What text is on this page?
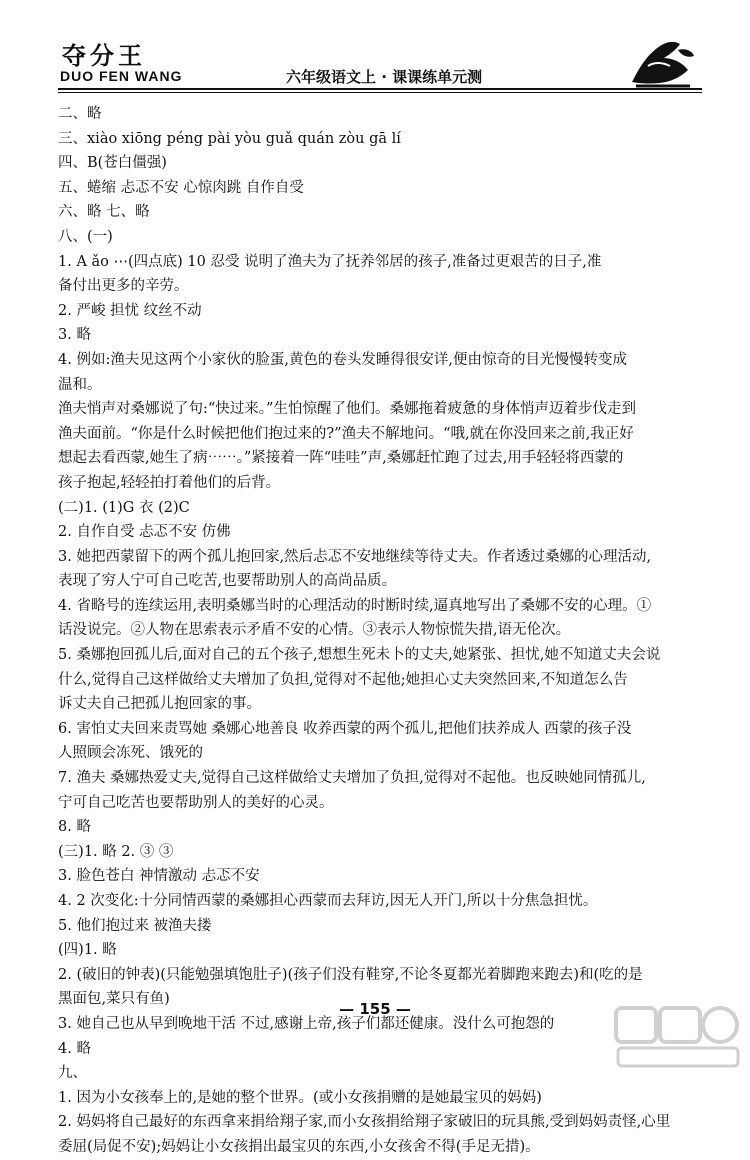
夺分王
DUO FEN WANG	六年级语文上 · 课课练单元测
二、略
三、xiào xiōng péng pài yòu guǎ quán zòu gā lí
四、B(苍白僵强)
五、蜷缩 忐忑不安 心惊肉跳 自作自受
六、略 七、略
八、(一)
1. A ǎo ⋯(四点底) 10 忍受 说明了渔夫为了抚养邻居的孩子,准备过更艰苦的日子,准
备付出更多的辛劳。
2. 严峻 担忧 纹丝不动
3. 略
4. 例如:渔夫见这两个小家伙的脸蛋,黄色的卷头发睡得很安详,便由惊奇的目光慢慢转变成
温和。
渔夫悄声对桑娜说了句:“快过来。”生怕惊醒了他们。桑娜拖着疲惫的身体悄声迈着步伐走到
渔夫面前。“你是什么时候把他们抱过来的?”渔夫不解地问。“哦,就在你没回来之前,我正好
想起去看西蒙,她生了病⋯⋯。”紧接着一阵“哇哇”声,桑娜赶忙跑了过去,用手轻轻将西蒙的
孩子抱起,轻轻拍打着他们的后背。
(二)1. (1)G 衣 (2)C
2. 自作自受 忐忑不安 仿佛
3. 她把西蒙留下的两个孤儿抱回家,然后忐忑不安地继续等待丈夫。作者透过桑娜的心理活动,
表现了穷人宁可自己吃苦,也要帮助别人的高尚品质。
4. 省略号的连续运用,表明桑娜当时的心理活动的时断时续,逼真地写出了桑娜不安的心理。①
话没说完。②人物在思索表示矛盾不安的心情。③表示人物惊慌失措,语无伦次。
5. 桑娜抱回孤儿后,面对自己的五个孩子,想想生死未卜的丈夫,她紧张、担忧,她不知道丈夫会说
什么,觉得自己这样做给丈夫增加了负担,觉得对不起他;她担心丈夫突然回来,不知道怎么告
诉丈夫自己把孤儿抱回家的事。
6. 害怕丈夫回来责骂她 桑娜心地善良 收养西蒙的两个孤儿,把他们扶养成人 西蒙的孩子没
人照顾会冻死、饿死的
7. 渔夫 桑娜热爱丈夫,觉得自己这样做给丈夫增加了负担,觉得对不起他。也反映她同情孤儿,
宁可自己吃苦也要帮助别人的美好的心灵。
8. 略
(三)1. 略 2. ③ ③
3. 脸色苍白 神情激动 忐忑不安
4. 2 次变化:十分同情西蒙的桑娜担心西蒙而去拜访,因无人开门,所以十分焦急担忧。
5. 他们抱过来 被渔夫搂
(四)1. 略
2. (破旧的钟表)(只能勉强填饱肚子)(孩子们没有鞋穿,不论冬夏都光着脚跑来跑去)和(吃的是
黑面包,菜只有鱼)
3. 她自己也从早到晚地干活 不过,感谢上帝,孩子们都还健康。没什么可抱怨的
4. 略
九、
1. 因为小女孩奉上的,是她的整个世界。(或小女孩捐赠的是她最宝贝的妈妈)
2. 妈妈将自己最好的东西拿来捐给翔子家,而小女孩捐给翔子家破旧的玩具熊,受到妈妈责怪,心里
委屈(局促不安);妈妈让小女孩捐出最宝贝的东西,小女孩舍不得(手足无措)。
— 155 —
